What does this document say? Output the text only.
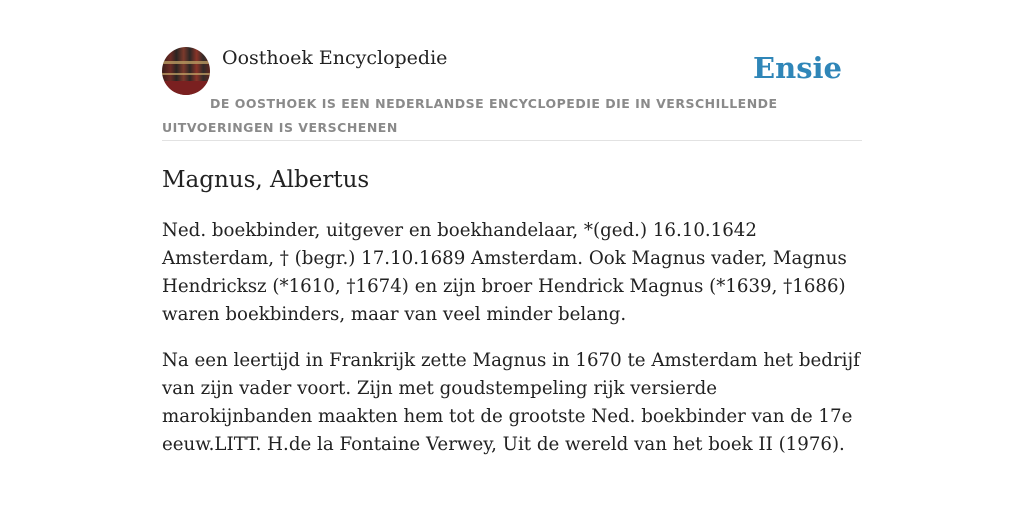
Oosthoek Encyclopedie	Ensie
DE OOSTHOEK IS EEN NEDERLANDSE ENCYCLOPEDIE DIE IN VERSCHILLENDE UITVOERINGEN IS VERSCHENEN
Magnus, Albertus

Ned. boekbinder, uitgever en boekhandelaar, *(ged.) 16.10.1642 Amsterdam, † (begr.) 17.10.1689 Amsterdam. Ook Magnus vader, Magnus Hendricksz (*1610, †1674) en zijn broer Hendrick Magnus (*1639, †1686) waren boekbinders, maar van veel minder belang.

Na een leertijd in Frankrijk zette Magnus in 1670 te Amsterdam het bedrijf van zijn vader voort. Zijn met goudstempeling rijk versierde marokijnbanden maakten hem tot de grootste Ned. boekbinder van de 17e eeuw.LITT. H.de la Fontaine Verwey, Uit de wereld van het boek II (1976).
